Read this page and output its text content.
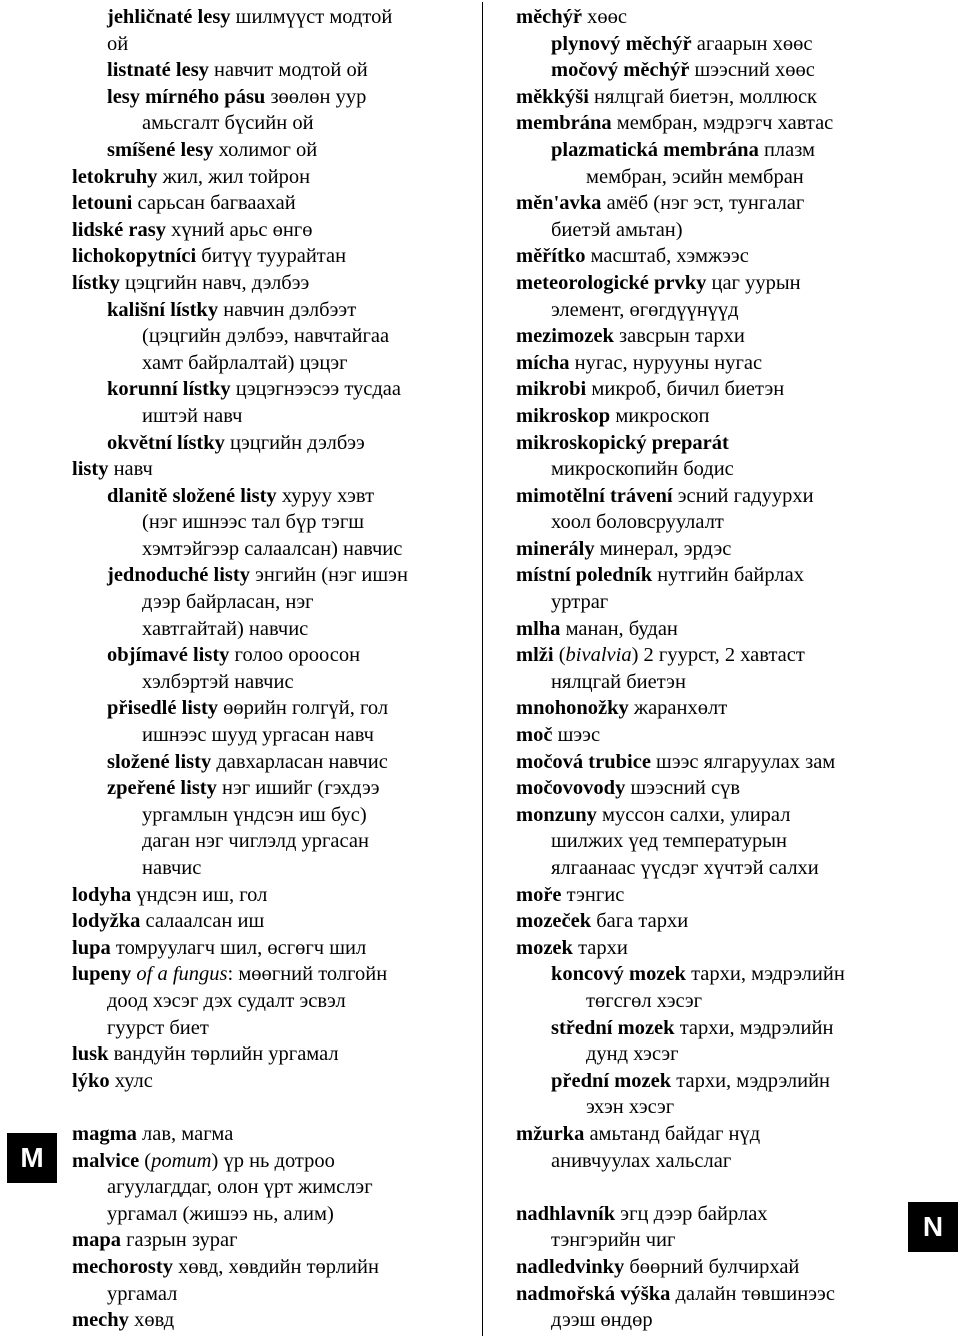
jehličnaté lesy шилмүүст модтой
ой
listnaté lesy навчит модтой ой
lesy mírného pásu зөөлөн уур
амьсгалт бүсийн ой
smíšené lesy холимог ой
letokruhy жил, жил тойрон
letouni сарьсан багваахай
lidské rasy хүний арьс өнгө
lichokopytníci битүү туурайтан
lístky цэцгийн навч, дэлбээ
kališní lístky навчин дэлбээт
(цэцгийн дэлбээ, навчтайгаа
хамт байрлалтай) цэцэг
korunní lístky цэцэгнээсээ тусдаа
иштэй навч
okvětní lístky цэцгийн дэлбээ
listy навч
dlanitě složené listy хуруу хэвт
(нэг ишнээс тал бүр тэгш
хэмтэйгээр салаалсан) навчис
jednoduché listy энгийн (нэг ишэн
дээр байрласан, нэг
хавтгайтай) навчис
objímavé listy голоо ороосон
хэлбэртэй навчис
přisedlé listy өөрийн голгүй, гол
ишнээс шууд ургасан навч
složené listy давхарласан навчис
zpeřené listy нэг ишийг (гэхдээ
ургамлын үндсэн иш бус)
даган нэг чиглэлд ургасан
навчис
lodyha үндсэн иш, гол
lodyžka салаалсан иш
lupa томруулагч шил, өсгөгч шил
lupeny of a fungus: мөөгний толгойн
доод хэсэг дэх судалт эсвэл
гуурст биет
lusk вандуйн төрлийн ургамал
lýko хулс
magma лав, магма
malvice (pomum) үр нь дотроо
агуулагддаг, олон үрт жимслэг
ургамал (жишээ нь, алим)
mapa газрын зураг
mechorosty хөвд, хөвдийн төрлийн
ургамал
mechy хөвд
měchýř хөөс
plynový měchýř агаарын хөөс
močový měchýř шээсний хөөс
měkkýši нялцгай биетэн, моллюск
membrána мембран, мэдрэгч хавтас
plazmatická membrána плазм
мембран, эсийн мембран
měn'avka амёб (нэг эст, тунгалаг
биетэй амьтан)
měřítko масштаб, хэмжээс
meteorologické prvky цаг уурын
элемент, өгөгдүүнүүд
mezimozek завсрын тархи
mícha нугас, нурууны нугас
mikrobi микроб, бичил биетэн
mikroskop микроскоп
mikroskopický preparát
микроскопийн бодис
mimotělní trávení эсний гадуурхи
хоол боловсруулалт
minerály минерал, эрдэс
místní poledník нутгийн байрлах
уртраг
mlha манан, будан
mlži (bivalvia) 2 гуурст, 2 хавтаст
нялцгай биетэн
mnohonožky жаранхөлт
moč шээс
močová trubice шээс ялгаруулах зам
močovovody шээсний сүв
monzuny муссон салхи, улирал
шилжих үед температурын
ялгаанаас үүсдэг хүчтэй салхи
moře тэнгис
mozeček бага тархи
mozek тархи
koncový mozek тархи, мэдрэлийн
төгсгөл хэсэг
střední mozek тархи, мэдрэлийн
дунд хэсэг
přední mozek тархи, мэдрэлийн
эхэн хэсэг
mžurka амьтанд байдаг нүд
анивчуулах хальслаг
nadhlavník эгц дээр байрлах
тэнгэрийн чиг
nadledvinky бөөрний булчирхай
nadmořská výška далайн төвшинээс
дээш өндөр
M
N
